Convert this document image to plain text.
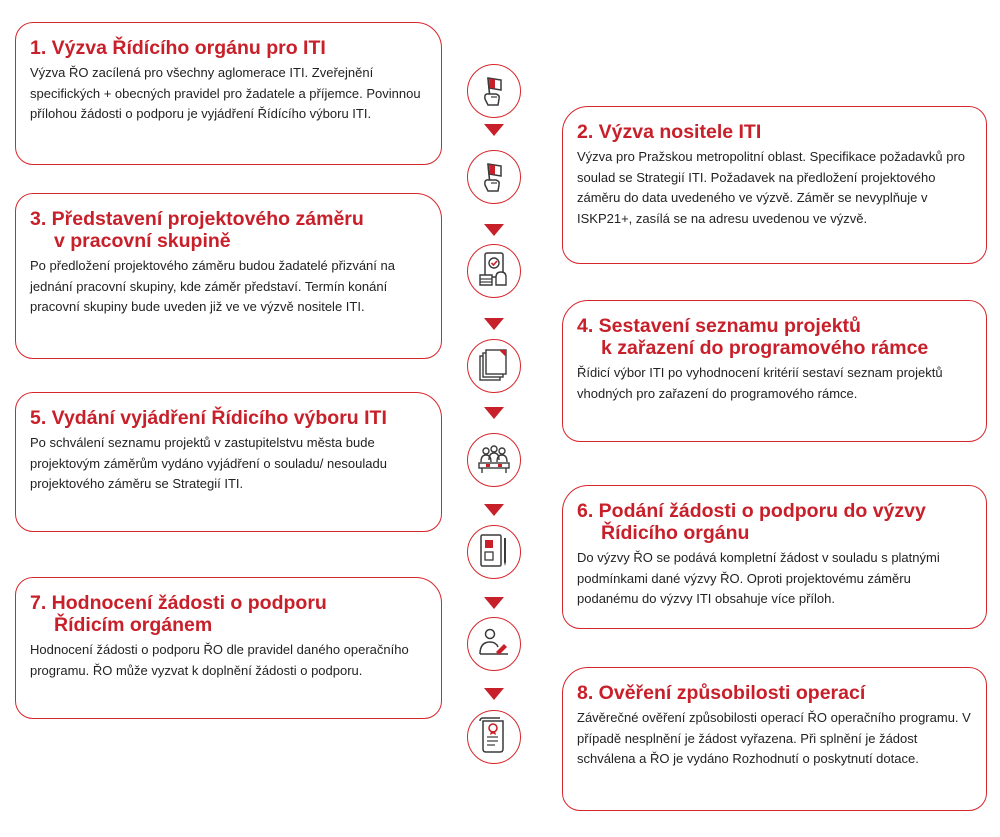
1. Výzva Řídícího orgánu pro ITI

Výzva ŘO zacílená pro všechny aglomerace ITI. Zveřejnění specifických + obecných pravidel pro žadatele a příjemce. Povinnou přílohou žádosti o podporu je vyjádření Řídícího výboru ITI.

2. Výzva nositele ITI

Výzva pro Pražskou metropolitní oblast. Specifikace požadavků pro soulad se Strategií ITI. Požadavek na předložení projektového záměru do data uvedeného ve výzvě. Záměr se nevyplňuje v ISKP21+, zasílá se na adresu uvedenou ve výzvě.

3. Představení projektového záměru
v pracovní skupině

Po předložení projektového záměru budou žadatelé přizvání na jednání pracovní skupiny, kde záměr představí. Termín konání pracovní skupiny bude uveden již ve ve výzvě nositele ITI.

4. Sestavení seznamu projektů
k zařazení do programového rámce

Řídicí výbor ITI po vyhodnocení kritérií sestaví seznam projektů vhodných pro zařazení do programového rámce.

5. Vydání vyjádření Řídicího výboru ITI

Po schválení seznamu projektů v zastupitelstvu města bude projektovým záměrům vydáno vyjádření o souladu/ nesouladu projektového záměru se Strategií ITI.

6. Podání žádosti o podporu do výzvy
Řídicího orgánu

Do výzvy ŘO se podává kompletní žádost v souladu s platnými podmínkami dané výzvy ŘO. Oproti projektovému záměru podanému do výzvy ITI obsahuje více příloh.

7. Hodnocení žádosti o podporu
Řídicím orgánem

Hodnocení žádosti o podporu ŘO dle pravidel daného operačního programu. ŘO může vyzvat k doplnění žádosti o podporu.

8. Ověření způsobilosti operací

Závěrečné ověření způsobilosti operací ŘO operačního programu. V případě nesplnění je žádost vyřazena. Při splnění je žádost schválena a ŘO je vydáno Rozhodnutí o poskytnutí dotace.
